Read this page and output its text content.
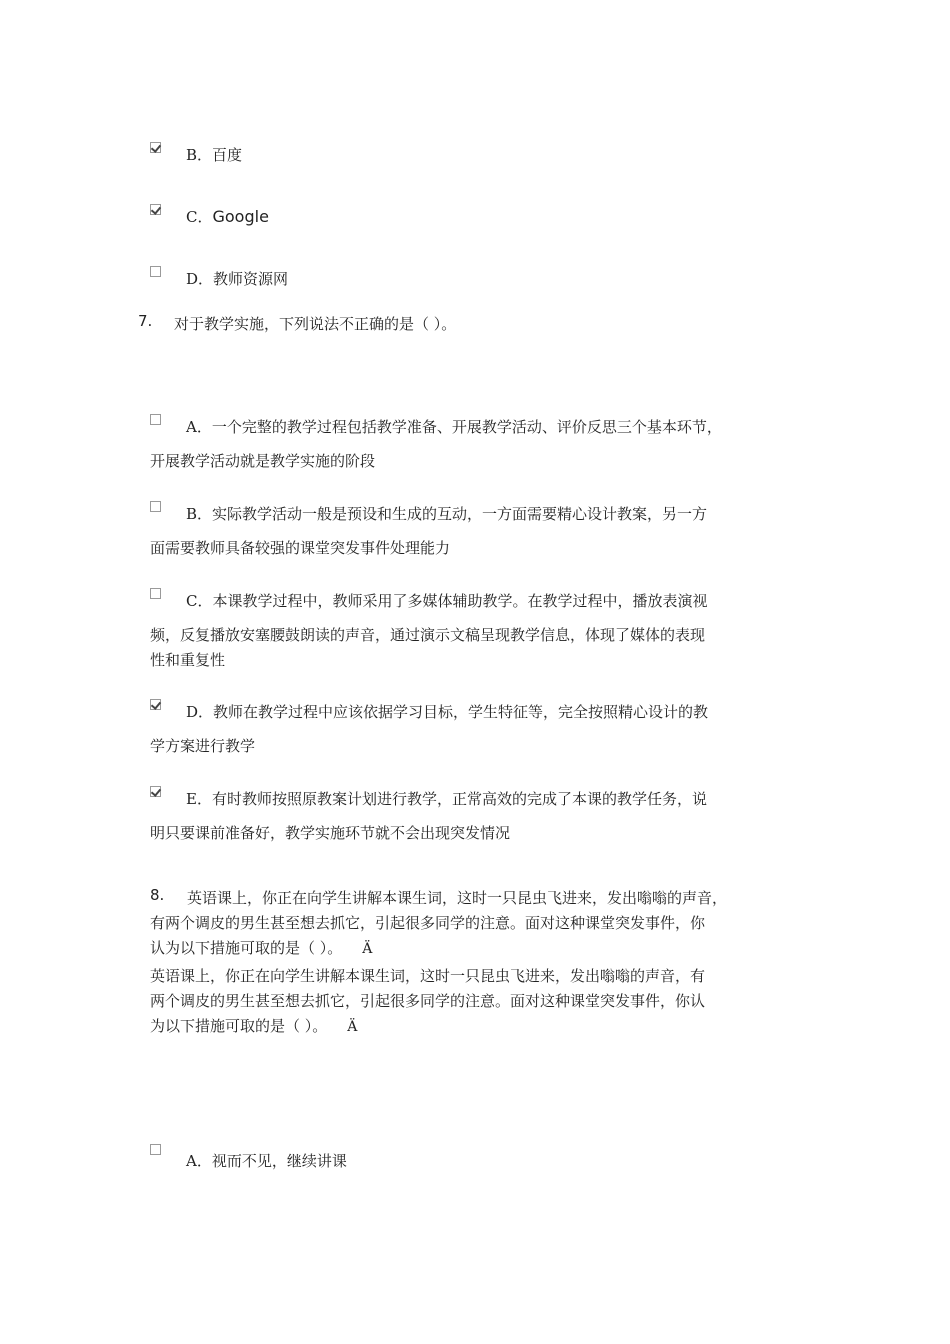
B．百度
C．Google
D．教师资源网
7. 对于教学实施，下列说法不正确的是（ ）。
A．一个完整的教学过程包括教学准备、开展教学活动、评价反思三个基本环节，
开展教学活动就是教学实施的阶段
B．实际教学活动一般是预设和生成的互动，一方面需要精心设计教案，另一方
面需要教师具备较强的课堂突发事件处理能力
C．本课教学过程中，教师采用了多媒体辅助教学。在教学过程中，播放表演视
频，反复播放安塞腰鼓朗读的声音，通过演示文稿呈现教学信息，体现了媒体的表现
性和重复性
D．教师在教学过程中应该依据学习目标，学生特征等，完全按照精心设计的教
学方案进行教学
E．有时教师按照原教案计划进行教学，正常高效的完成了本课的教学任务，说
明只要课前准备好，教学实施环节就不会出现突发情况
8.	英语课上，你正在向学生讲解本课生词，这时一只昆虫飞进来，发出嗡嗡的声音，
有两个调皮的男生甚至想去抓它，引起很多同学的注意。面对这种课堂突发事件，你
认为以下措施可取的是（ ）。 Ä
英语课上，你正在向学生讲解本课生词，这时一只昆虫飞进来，发出嗡嗡的声音，有
两个调皮的男生甚至想去抓它，引起很多同学的注意。面对这种课堂突发事件，你认
为以下措施可取的是（ ）。 Ä
A．视而不见，继续讲课
